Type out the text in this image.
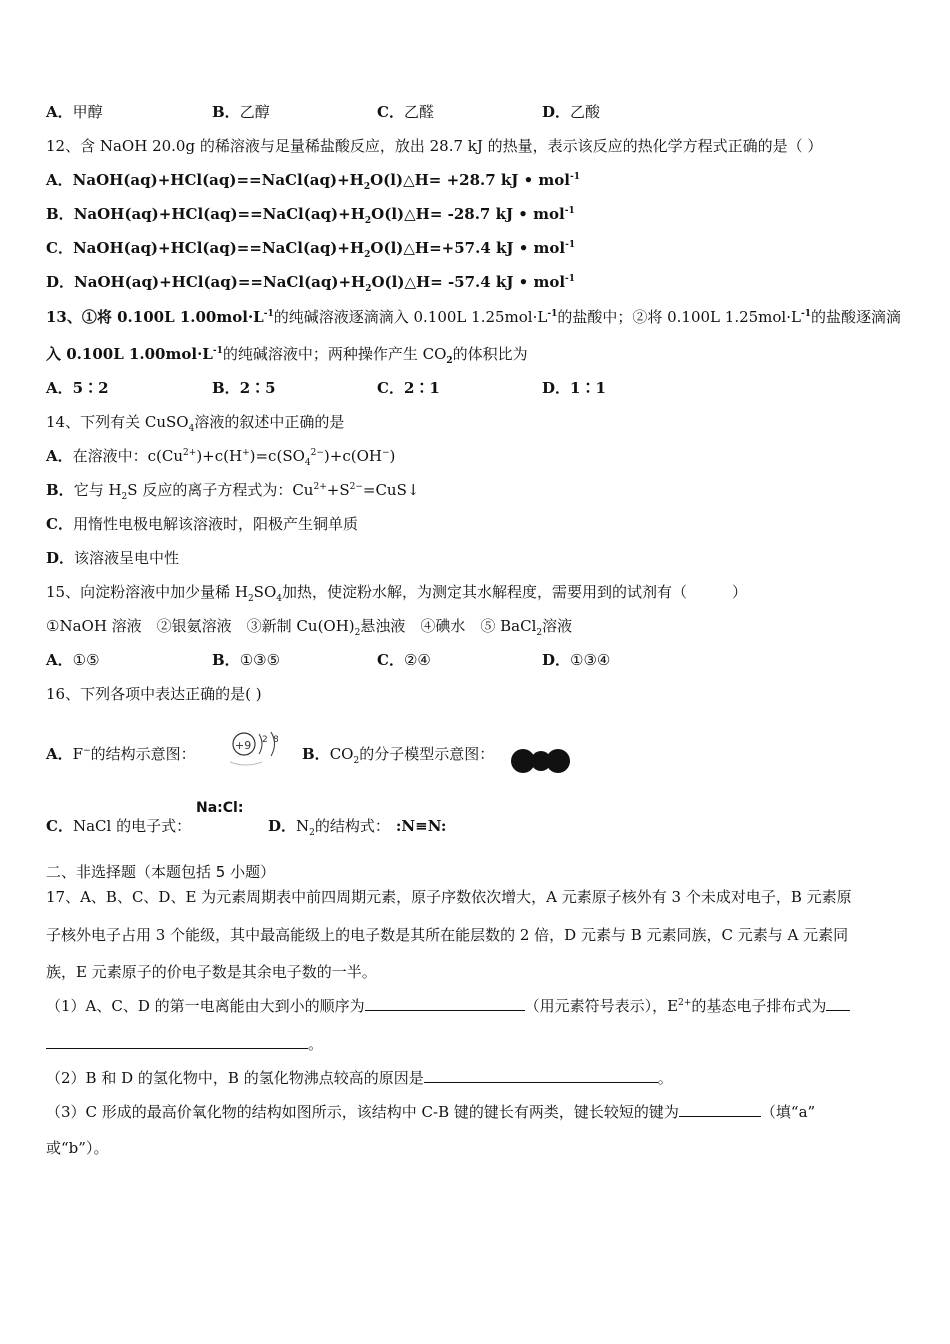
A．甲醇	B．乙醇	C．乙醛	D．乙酸
12、含 NaOH 20.0g 的稀溶液与足量稀盐酸反应，放出 28.7 kJ 的热量，表示该反应的热化学方程式正确的是（ ）
A．$NaOH(aq)+HCl(aq)==NaCl(aq)+H_2O(l)\triangle H= +28.7$ kJ • mol$^{-1}$
B．$NaOH(aq)+HCl(aq)==NaCl(aq)+H_2O(l)\triangle H= -28.7$ kJ • mol$^{-1}$
C．$NaOH(aq)+HCl(aq)==NaCl(aq)+H_2O(l)\triangle H=+57.4$ kJ • mol$^{-1}$
D．$NaOH(aq)+HCl(aq)==NaCl(aq)+H_2O(l)\triangle H= -57.4$ kJ • mol$^{-1}$
13、①将 0.100L $1.00mol\cdot L^{-1}$的纯碱溶液逐滴滴入 0.100L $1.25mol\cdot L^{-1}$的盐酸中；②将 0.100L $1.25mol\cdot L^{-1}$的盐酸逐滴滴
入 0.100L $1.00mol\cdot L^{-1}$的纯碱溶液中；两种操作产生 $CO_2$的体积比为
A．5∶2	B．2∶5	C．2∶1	D．1∶1
14、下列有关 CuSO$_4$溶液的叙述中正确的是
A．在溶液中：$c(Cu^{2+})+c(H^+)=c(SO_4^{2-})+c(OH^-)$
B．它与 $H_2S$ 反应的离子方程式为：$Cu^{2+}+S^{2-}=CuS↓$
C．用惰性电极电解该溶液时，阳极产生铜单质
D．该溶液呈电中性
15、向淀粉溶液中加少量稀 $H_2SO_4$加热，使淀粉水解，为测定其水解程度，需要用到的试剂有（　　　）
①NaOH 溶液　②银氨溶液　③新制 $Cu(OH)_2$悬浊液　④碘水　⑤ BaCl$_2$溶液
A．①⑤	B．①③⑤	C．②④	D．①③④
16、下列各项中表达正确的是( )
A．F−的结构示意图：	+9 2 8
B．$CO_2$的分子模型示意图：
C．NaCl 的电子式：
Na:Cl:
D．$N_2$的结构式： :N≡N:
二、非选择题（本题包括 5 小题）
17、A、B、C、D、E 为元素周期表中前四周期元素，原子序数依次增大，A 元素原子核外有 3 个未成对电子，B 元素原
子核外电子占用 3 个能级，其中最高能级上的电子数是其所在能层数的 2 倍，D 元素与 B 元素同族，C 元素与 A 元素同
族，E 元素原子的价电子数是其余电子数的一半。
（1）A、C、D 的第一电离能由大到小的顺序为	（用元素符号表示），$E^{2+}$的基态电子排布式为
。
（2）B 和 D 的氢化物中，B 的氢化物沸点较高的原因是	。
（3）C 形成的最高价氧化物的结构如图所示，该结构中 C-B 键的键长有两类，键长较短的键为	（填“a”
或“b”）。
